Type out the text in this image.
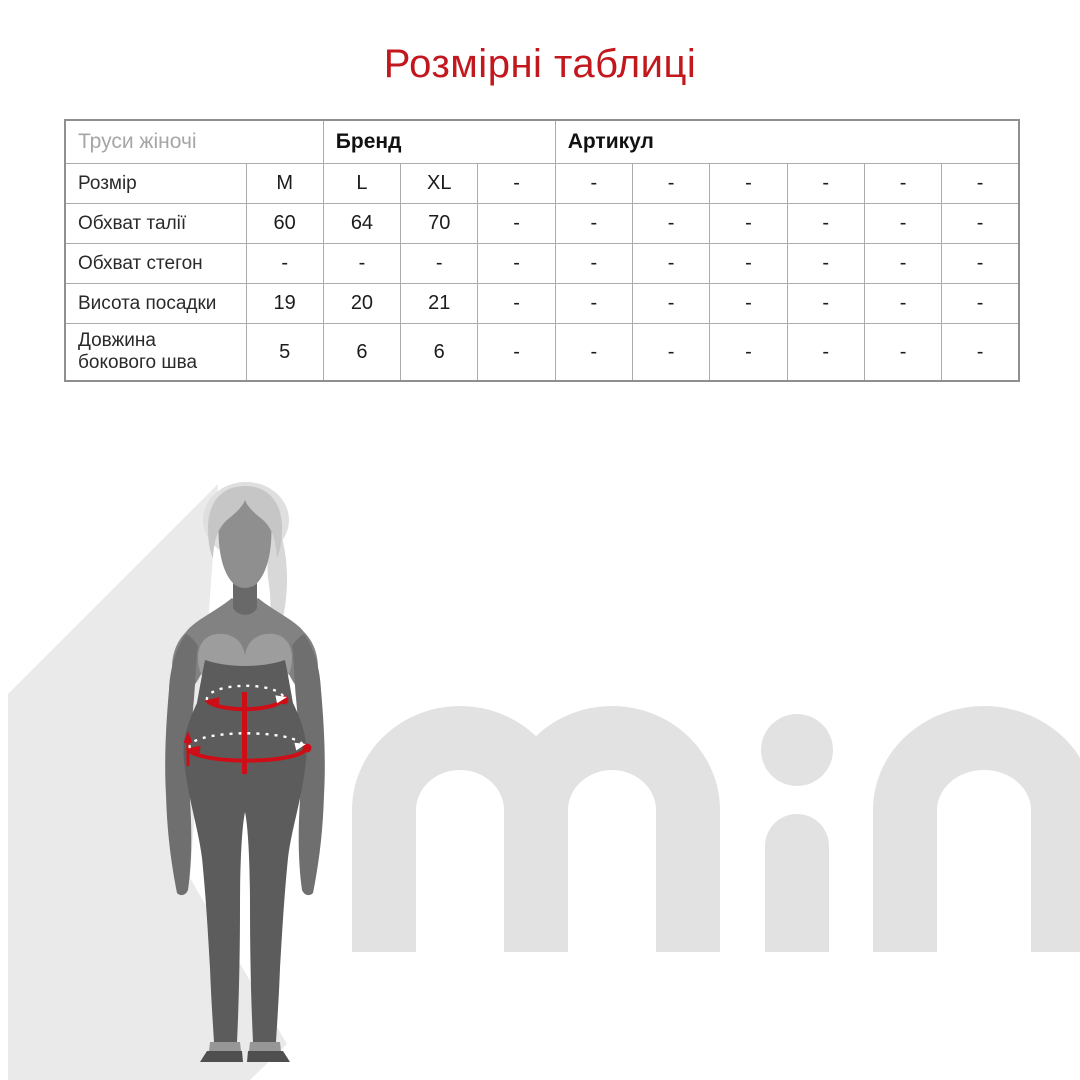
Розмірні таблиці
Труси жіночі		Бренд			Артикул					
Розмір	M	L	XL	-	-	-	-	-	-	-
Обхват талії	60	64	70	-	-	-	-	-	-	-
Обхват стегон	-	-	-	-	-	-	-	-	-	-
Висота посадки	19	20	21	-	-	-	-	-	-	-
Довжина бокового шва	5	6	6	-	-	-	-	-	-	-
